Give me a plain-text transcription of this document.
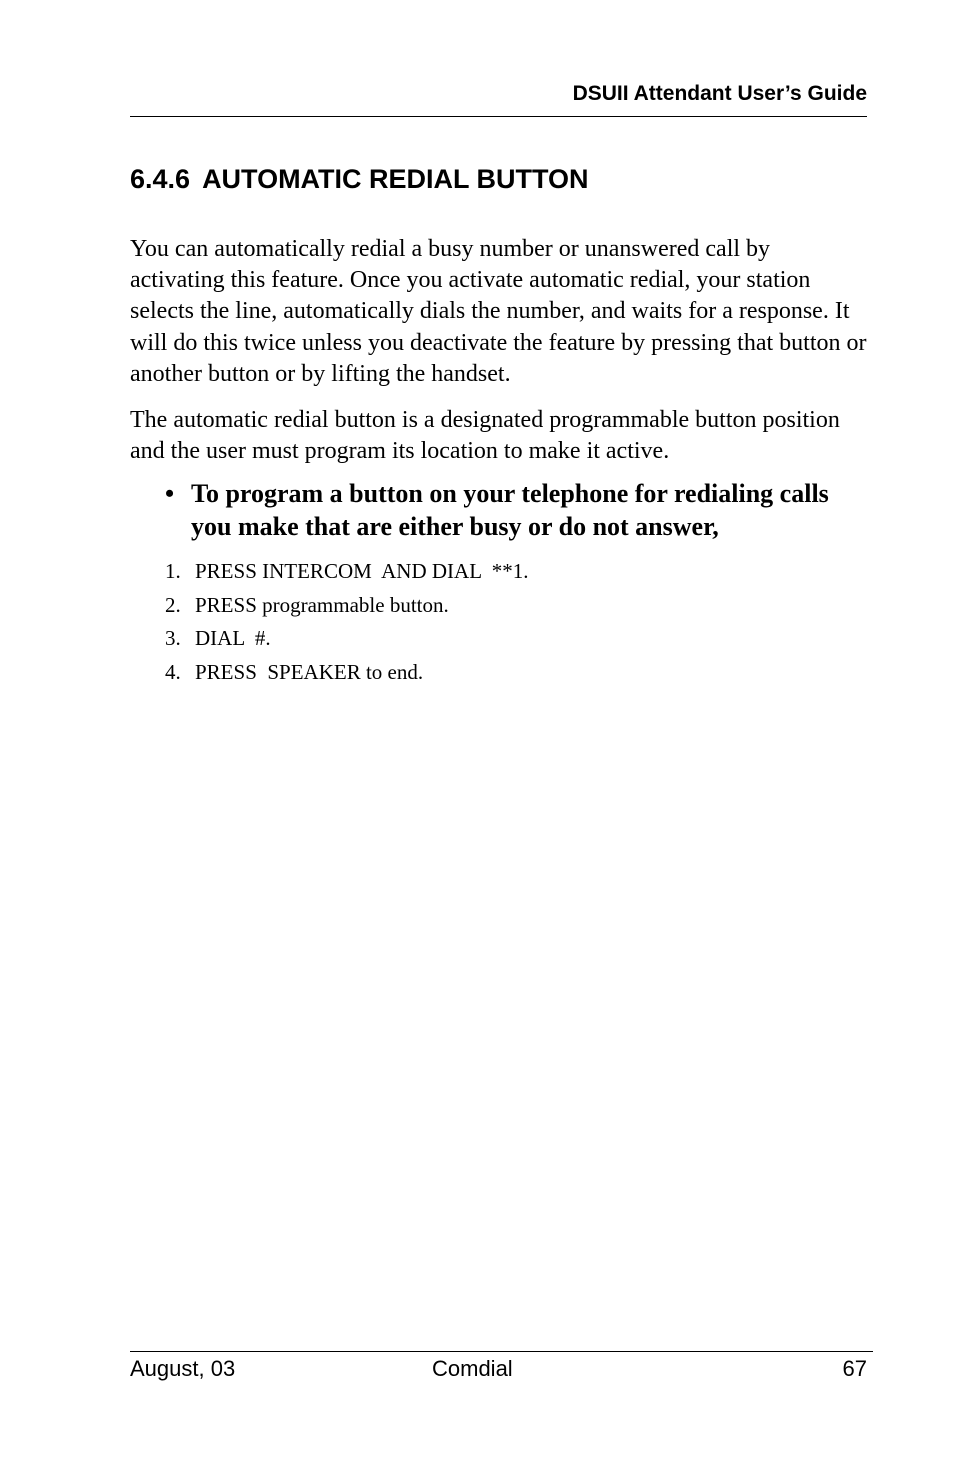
DSUII Attendant User’s Guide
6.4.6 AUTOMATIC REDIAL BUTTON

You can automatically redial a busy number or unanswered call by activating this feature. Once you activate automatic redial, your station selects the line, automatically dials the number, and waits for a response. It will do this twice unless you deactivate the feature by pressing that button or another button or by lifting the handset.

The automatic redial button is a designated programmable button position and the user must program its location to make it active.

• To program a button on your telephone for redialing calls you make that are either busy or do not answer,
1. PRESS INTERCOM  AND DIAL  **1.
2. PRESS programmable button.
3. DIAL  #.
4. PRESS  SPEAKER to end.
August, 03	Comdial	67
